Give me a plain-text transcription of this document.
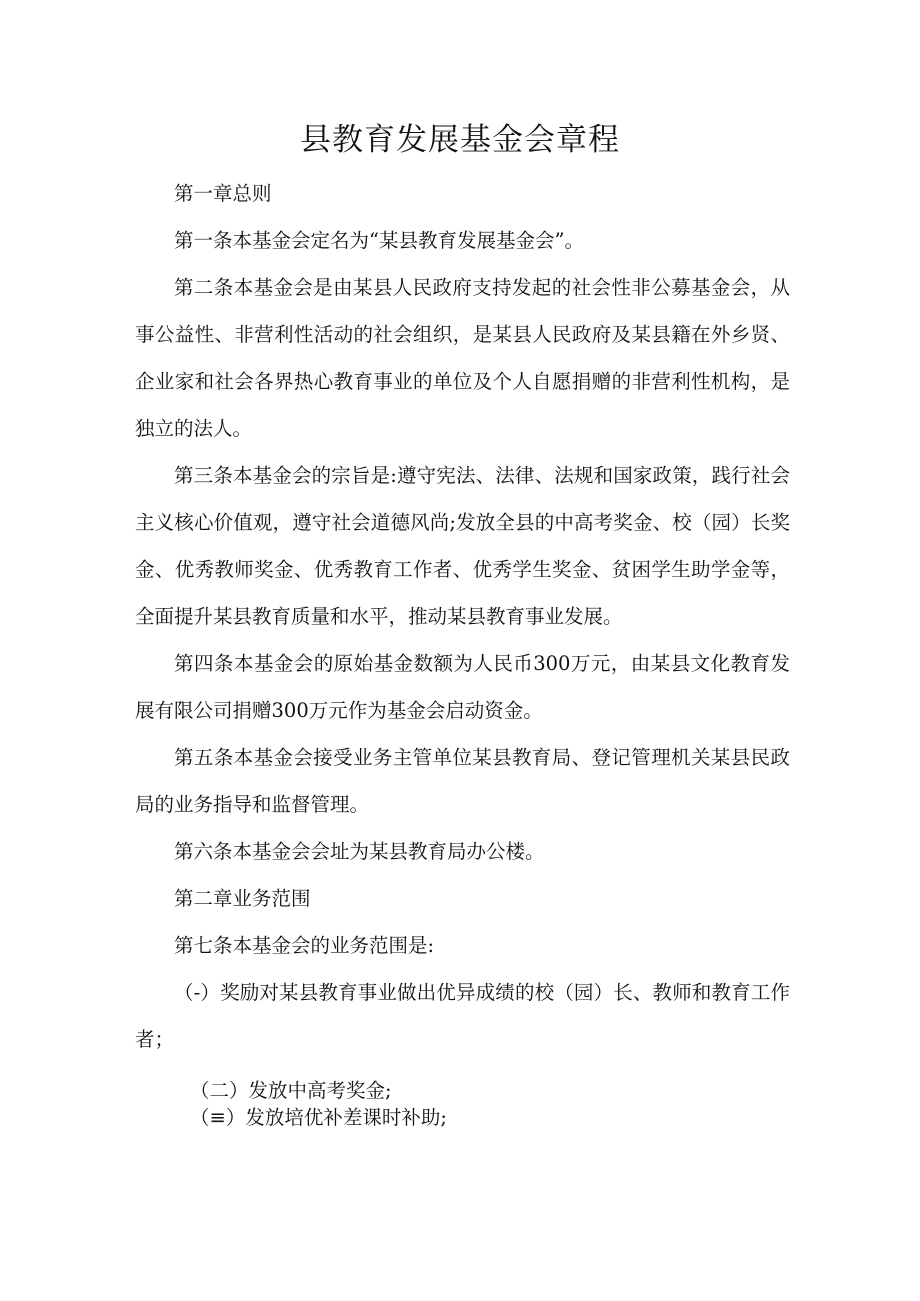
县教育发展基金会章程

第一章总则

第一条本基金会定名为“某县教育发展基金会”。

第二条本基金会是由某县人民政府支持发起的社会性非公募基金会，从事公益性、非营利性活动的社会组织，是某县人民政府及某县籍在外乡贤、企业家和社会各界热心教育事业的单位及个人自愿捐赠的非营利性机构，是独立的法人。

第三条本基金会的宗旨是:遵守宪法、法律、法规和国家政策，践行社会主义核心价值观，遵守社会道德风尚;发放全县的中高考奖金、校（园）长奖金、优秀教师奖金、优秀教育工作者、优秀学生奖金、贫困学生助学金等，全面提升某县教育质量和水平，推动某县教育事业发展。

第四条本基金会的原始基金数额为人民币300万元，由某县文化教育发展有限公司捐赠300万元作为基金会启动资金。

第五条本基金会接受业务主管单位某县教育局、登记管理机关某县民政局的业务指导和监督管理。

第六条本基金会会址为某县教育局办公楼。

第二章业务范围

第七条本基金会的业务范围是:

（-）奖励对某县教育事业做出优异成绩的校（园）长、教师和教育工作者；

（二）发放中高考奖金;

（≡）发放培优补差课时补助;
